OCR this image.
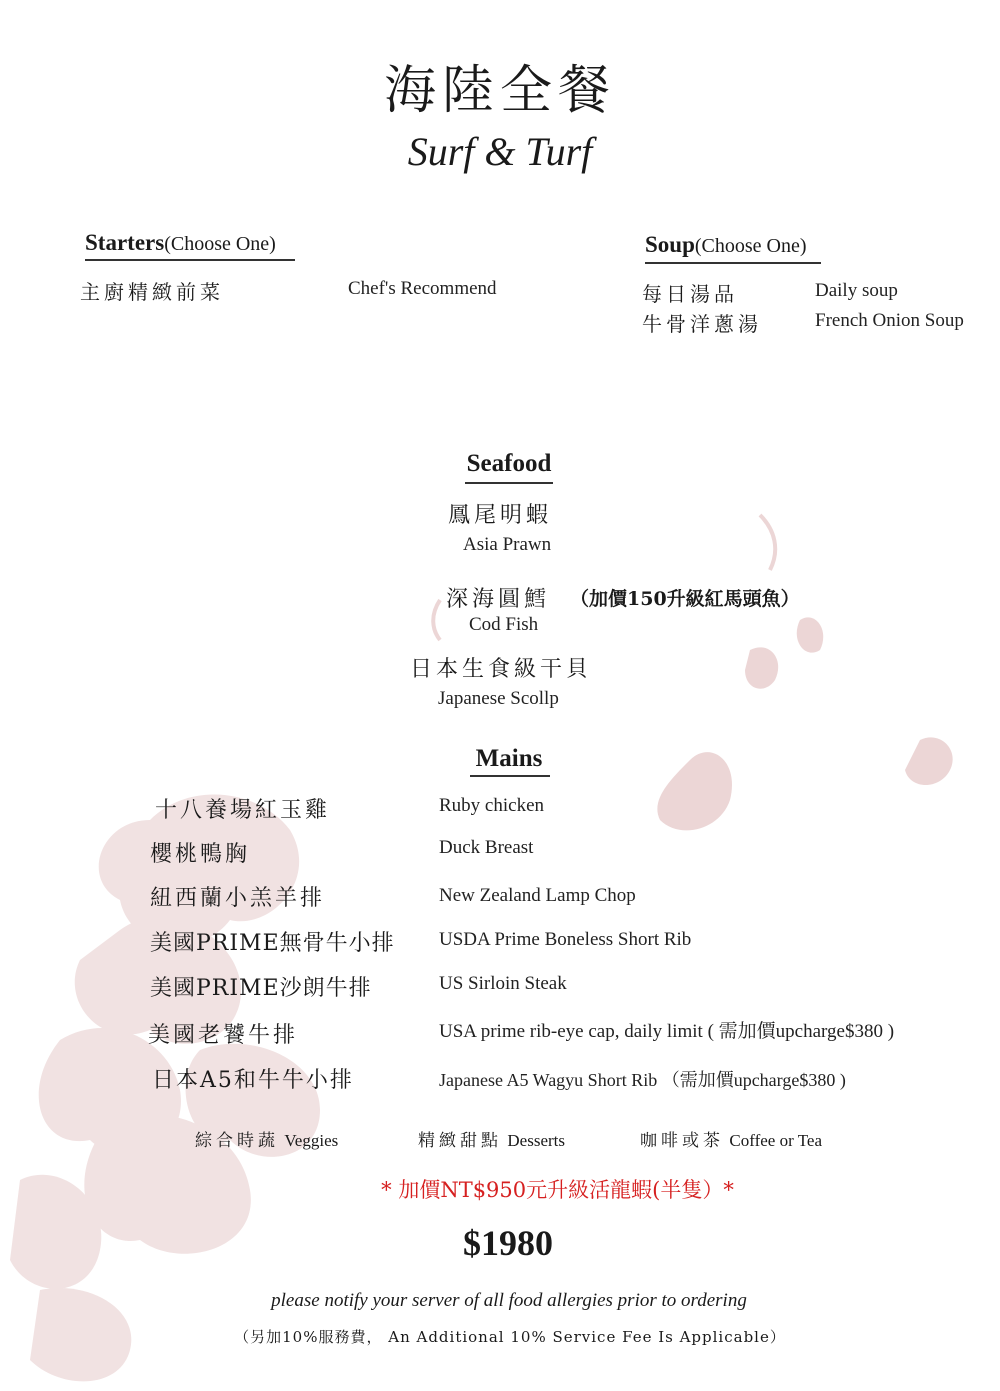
海陸全餐
Surf & Turf
Starters(Choose One)
主廚精緻前菜	Chef's Recommend
Soup(Choose One)
每日湯品	Daily soup
牛骨洋蔥湯	French Onion Soup
Seafood
鳳尾明蝦
Asia Prawn
深海圓鱈 （加價150升級紅馬頭魚）
Cod Fish
日本生食級干貝
Japanese Scollp
Mains
十八養場紅玉雞	Ruby chicken
櫻桃鴨胸	Duck Breast
紐西蘭小羔羊排	New Zealand Lamp Chop
美國PRIME無骨牛小排 USDA Prime Boneless Short Rib
美國PRIME沙朗牛排	US Sirloin Steak
美國老饕牛排	USA prime rib-eye cap, daily limit ( 需加價upcharge$380 )
日本A5和牛牛小排	Japanese A5 Wagyu Short Rib （需加價upcharge$380 )
綜合時蔬 Veggies	精緻甜點 Desserts	咖啡或茶 Coffee or Tea
* 加價NT$950元升級活龍蝦(半隻）*
$1980
please notify your server of all food allergies prior to ordering
（另加10%服務費， An Additional 10% Service Fee Is Applicable）
